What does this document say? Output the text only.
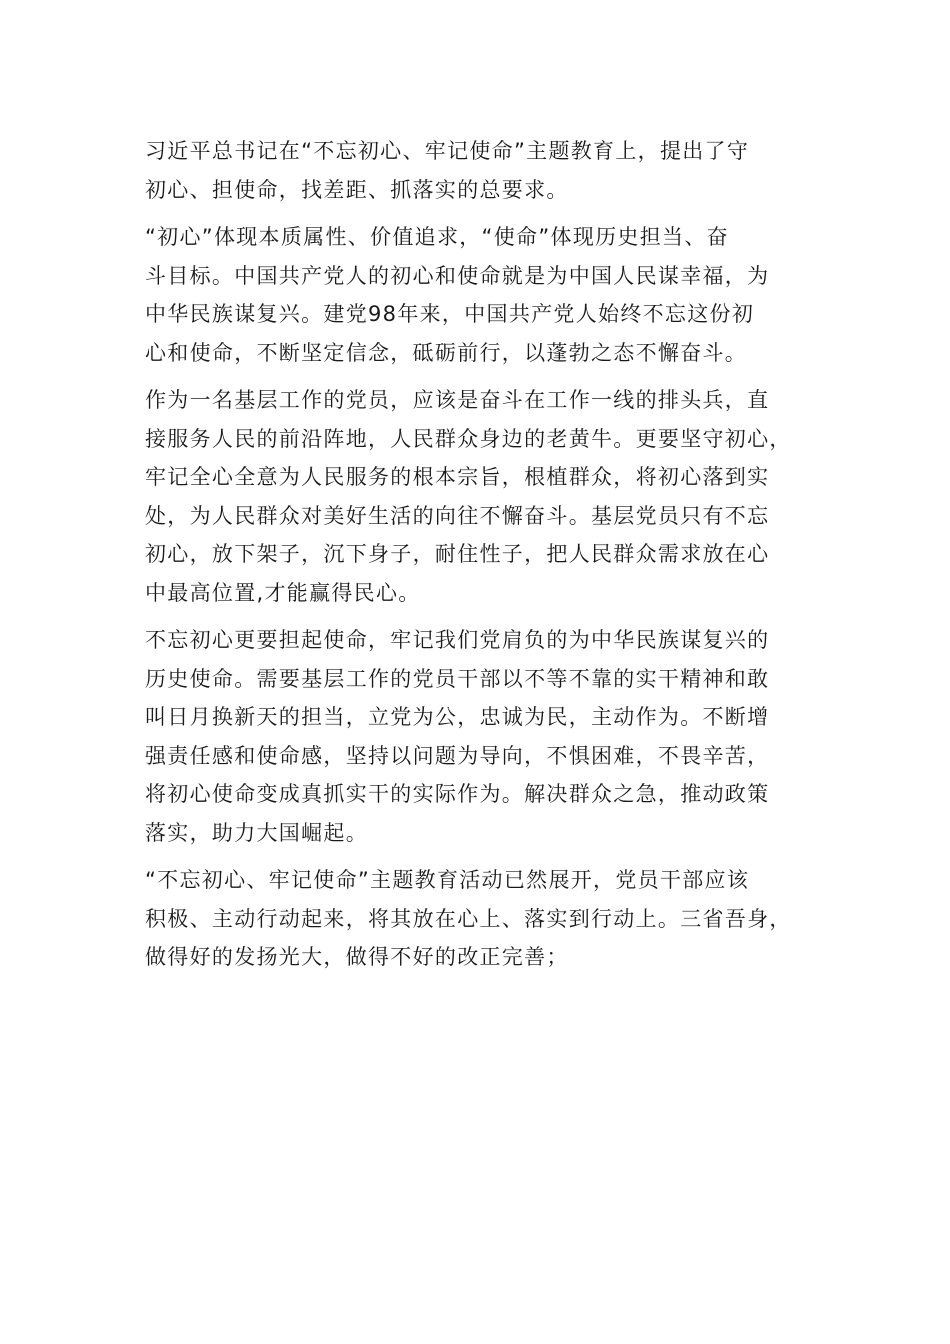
习近平总书记在“不忘初心、牢记使命”主题教育上，提出了守
初心、担使命，找差距、抓落实的总要求。
“初心”体现本质属性、价值追求，“使命”体现历史担当、奋
斗目标。中国共产党人的初心和使命就是为中国人民谋幸福，为
中华民族谋复兴。建党98年来，中国共产党人始终不忘这份初
心和使命，不断坚定信念，砥砺前行，以蓬勃之态不懈奋斗。
作为一名基层工作的党员，应该是奋斗在工作一线的排头兵，直
接服务人民的前沿阵地，人民群众身边的老黄牛。更要坚守初心，
牢记全心全意为人民服务的根本宗旨，根植群众，将初心落到实
处，为人民群众对美好生活的向往不懈奋斗。基层党员只有不忘
初心，放下架子，沉下身子，耐住性子，把人民群众需求放在心
中最高位置,才能赢得民心。
不忘初心更要担起使命，牢记我们党肩负的为中华民族谋复兴的
历史使命。需要基层工作的党员干部以不等不靠的实干精神和敢
叫日月换新天的担当，立党为公，忠诚为民，主动作为。不断增
强责任感和使命感，坚持以问题为导向，不惧困难，不畏辛苦，
将初心使命变成真抓实干的实际作为。解决群众之急，推动政策
落实，助力大国崛起。
“不忘初心、牢记使命”主题教育活动已然展开，党员干部应该
积极、主动行动起来，将其放在心上、落实到行动上。三省吾身，
做得好的发扬光大，做得不好的改正完善；
